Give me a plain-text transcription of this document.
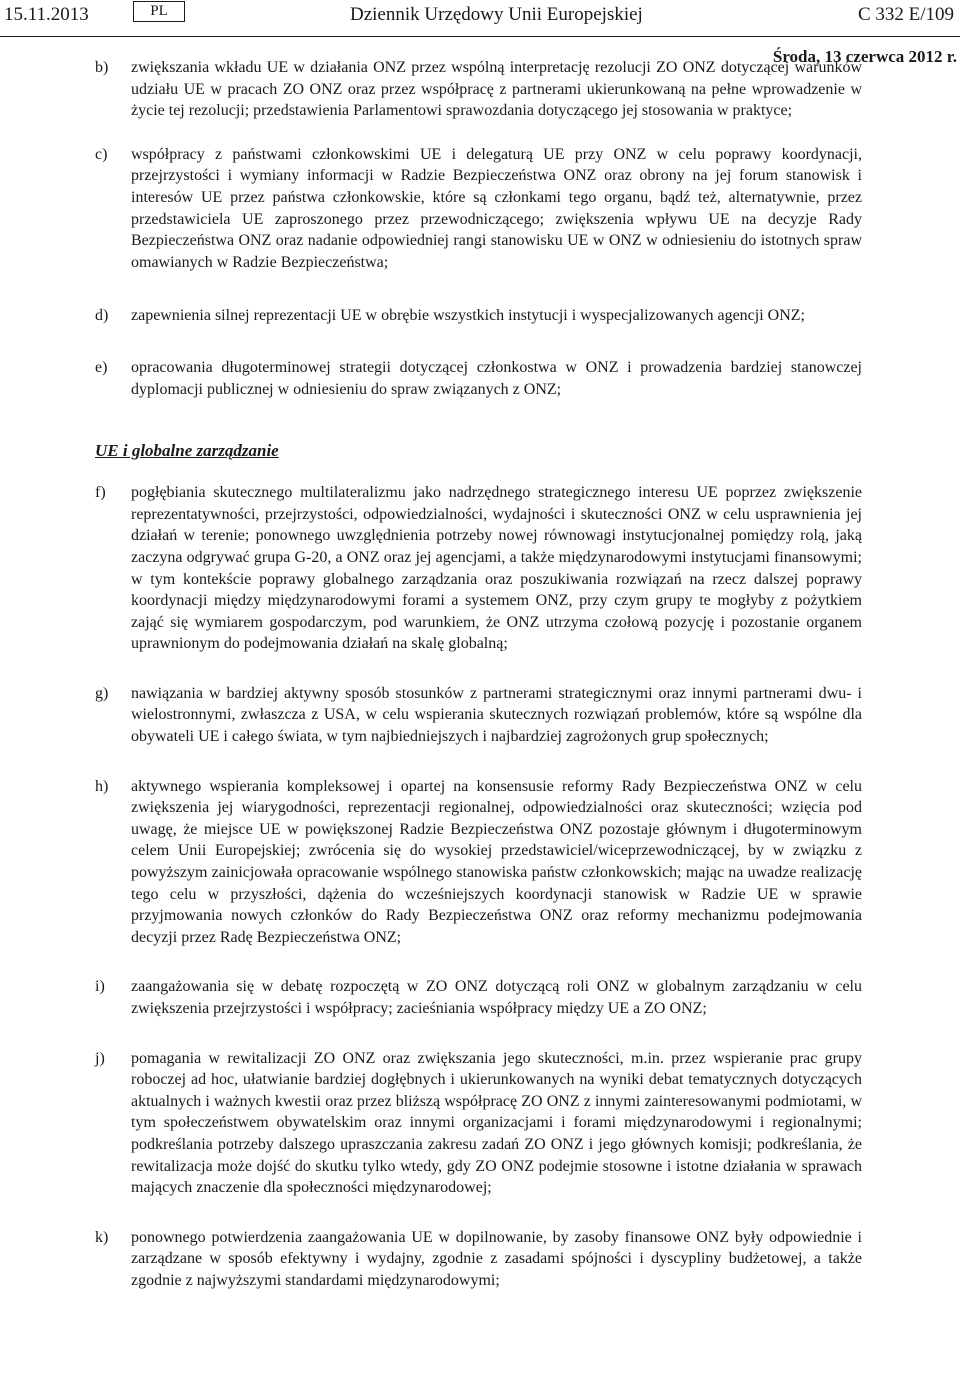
15.11.2013	PL	Dziennik Urzędowy Unii Europejskiej	C 332 E/109
Środa, 13 czerwca 2012 r.
b) zwiększania wkładu UE w działania ONZ przez wspólną interpretację rezolucji ZO ONZ dotyczącej warunków udziału UE w pracach ZO ONZ oraz przez współpracę z partnerami ukierunkowaną na pełne wprowadzenie w życie tej rezolucji; przedstawienia Parlamentowi sprawozdania dotyczącego jej stosowania w praktyce;
c) współpracy z państwami członkowskimi UE i delegaturą UE przy ONZ w celu poprawy koordynacji, przejrzystości i wymiany informacji w Radzie Bezpieczeństwa ONZ oraz obrony na jej forum stanowisk i interesów UE przez państwa członkowskie, które są członkami tego organu, bądź też, alternatywnie, przez przedstawiciela UE zaproszonego przez przewodniczącego; zwiększenia wpływu UE na decyzje Rady Bezpieczeństwa ONZ oraz nadanie odpowiedniej rangi stanowisku UE w ONZ w odniesieniu do istotnych spraw omawianych w Radzie Bezpieczeństwa;
d) zapewnienia silnej reprezentacji UE w obrębie wszystkich instytucji i wyspecjalizowanych agencji ONZ;
e) opracowania długoterminowej strategii dotyczącej członkostwa w ONZ i prowadzenia bardziej stanowczej dyplomacji publicznej w odniesieniu do spraw związanych z ONZ;
UE i globalne zarządzanie
f) pogłębiania skutecznego multilateralizmu jako nadrzędnego strategicznego interesu UE poprzez zwiększenie reprezentatywności, przejrzystości, odpowiedzialności, wydajności i skuteczności ONZ w celu usprawnienia jej działań w terenie; ponownego uwzględnienia potrzeby nowej równowagi instytucjonalnej pomiędzy rolą, jaką zaczyna odgrywać grupa G-20, a ONZ oraz jej agencjami, a także międzynarodowymi instytucjami finansowymi; w tym kontekście poprawy globalnego zarządzania oraz poszukiwania rozwiązań na rzecz dalszej poprawy koordynacji między międzynarodowymi forami a systemem ONZ, przy czym grupy te mogłyby z pożytkiem zająć się wymiarem gospodarczym, pod warunkiem, że ONZ utrzyma czołową pozycję i pozostanie organem uprawnionym do podejmowania działań na skalę globalną;
g) nawiązania w bardziej aktywny sposób stosunków z partnerami strategicznymi oraz innymi partnerami dwu- i wielostronnymi, zwłaszcza z USA, w celu wspierania skutecznych rozwiązań problemów, które są wspólne dla obywateli UE i całego świata, w tym najbiedniejszych i najbardziej zagrożonych grup społecznych;
h) aktywnego wspierania kompleksowej i opartej na konsensusie reformy Rady Bezpieczeństwa ONZ w celu zwiększenia jej wiarygodności, reprezentacji regionalnej, odpowiedzialności oraz skuteczności; wzięcia pod uwagę, że miejsce UE w powiększonej Radzie Bezpieczeństwa ONZ pozostaje głównym i długoterminowym celem Unii Europejskiej; zwrócenia się do wysokiej przedstawiciel/wiceprzewodniczącej, by w związku z powyższym zainicjowała opracowanie wspólnego stanowiska państw członkowskich; mając na uwadze realizację tego celu w przyszłości, dążenia do wcześniejszych koordynacji stanowisk w Radzie UE w sprawie przyjmowania nowych członków do Rady Bezpieczeństwa ONZ oraz reformy mechanizmu podejmowania decyzji przez Radę Bezpieczeństwa ONZ;
i) zaangażowania się w debatę rozpoczętą w ZO ONZ dotyczącą roli ONZ w globalnym zarządzaniu w celu zwiększenia przejrzystości i współpracy; zacieśniania współpracy między UE a ZO ONZ;
j) pomagania w rewitalizacji ZO ONZ oraz zwiększania jego skuteczności, m.in. przez wspieranie prac grupy roboczej ad hoc, ułatwianie bardziej dogłębnych i ukierunkowanych na wyniki debat tematycznych dotyczących aktualnych i ważnych kwestii oraz przez bliższą współpracę ZO ONZ z innymi zainteresowanymi podmiotami, w tym społeczeństwem obywatelskim oraz innymi organizacjami i forami międzynarodowymi i regionalnymi; podkreślania potrzeby dalszego upraszczania zakresu zadań ZO ONZ i jego głównych komisji; podkreślania, że rewitalizacja może dojść do skutku tylko wtedy, gdy ZO ONZ podejmie stosowne i istotne działania w sprawach mających znaczenie dla społeczności międzynarodowej;
k) ponownego potwierdzenia zaangażowania UE w dopilnowanie, by zasoby finansowe ONZ były odpowiednie i zarządzane w sposób efektywny i wydajny, zgodnie z zasadami spójności i dyscypliny budżetowej, a także zgodnie z najwyższymi standardami międzynarodowymi;
